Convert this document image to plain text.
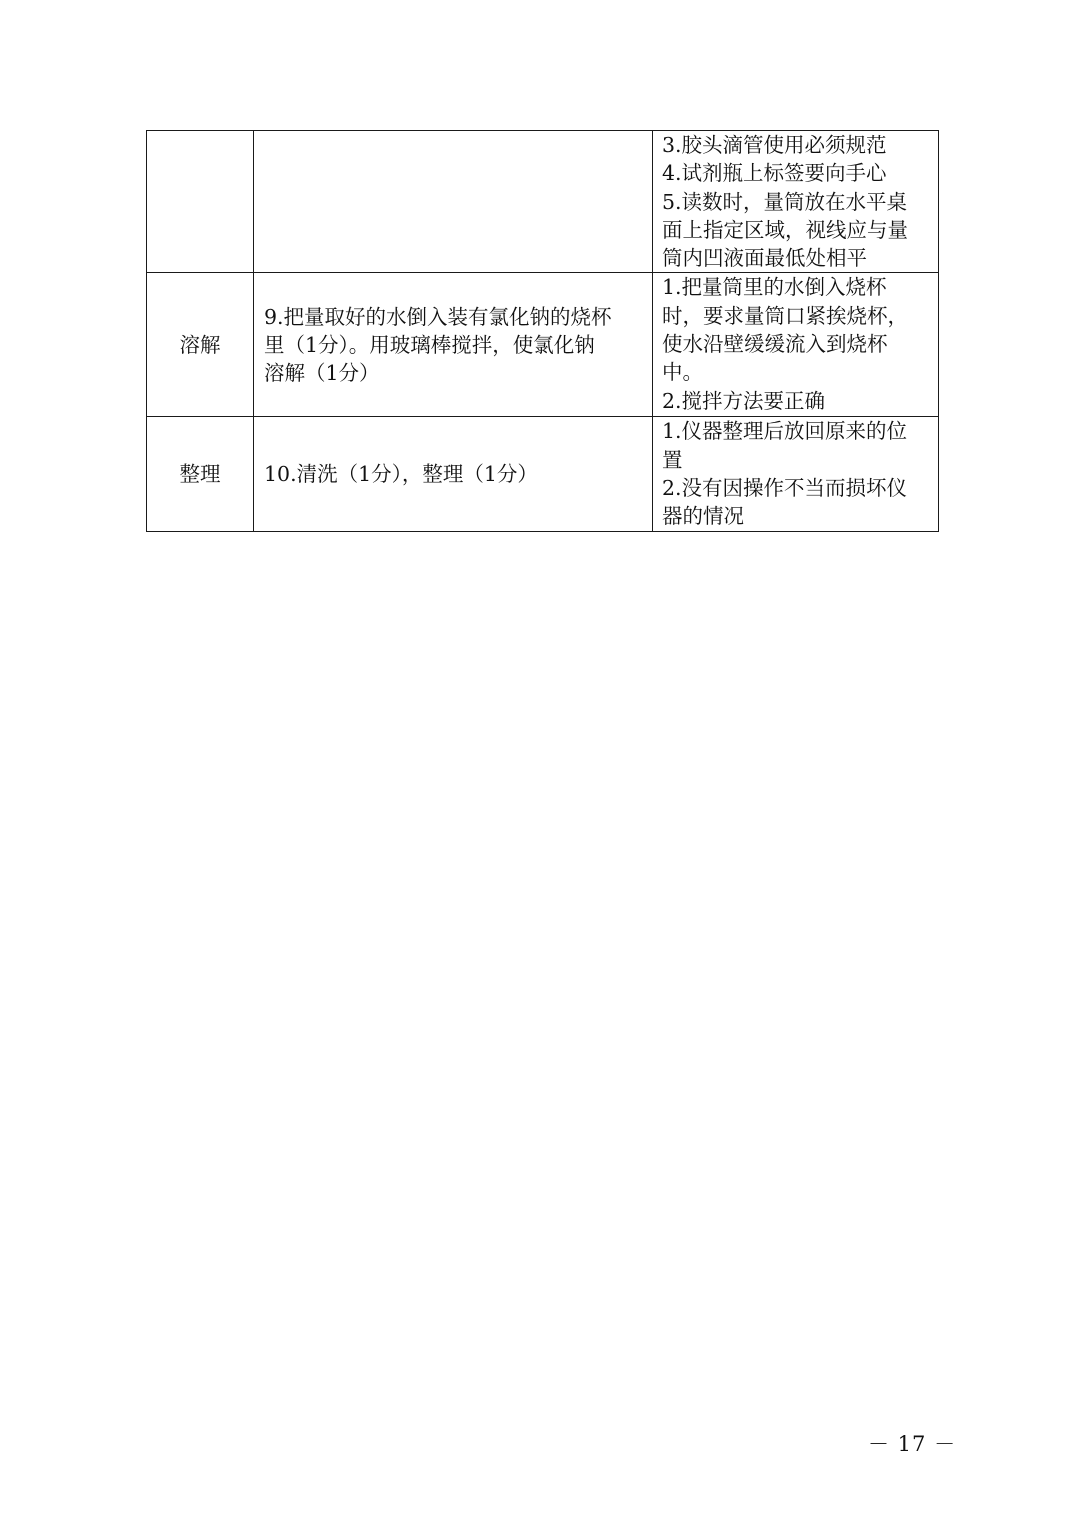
		3.胶头滴管使用必须规范
4.试剂瓶上标签要向手心
5.读数时，量筒放在水平桌
面上指定区域，视线应与量
筒内凹液面最低处相平

溶解	9.把量取好的水倒入装有氯化钠的烧杯
里（1分）。用玻璃棒搅拌，使氯化钠
溶解（1分）	1.把量筒里的水倒入烧杯
时，要求量筒口紧挨烧杯，
使水沿壁缓缓流入到烧杯
中。
2.搅拌方法要正确

整理	10.清洗（1分），整理（1分）	1.仪器整理后放回原来的位
置
2.没有因操作不当而损坏仪
器的情况
－ 17 －
